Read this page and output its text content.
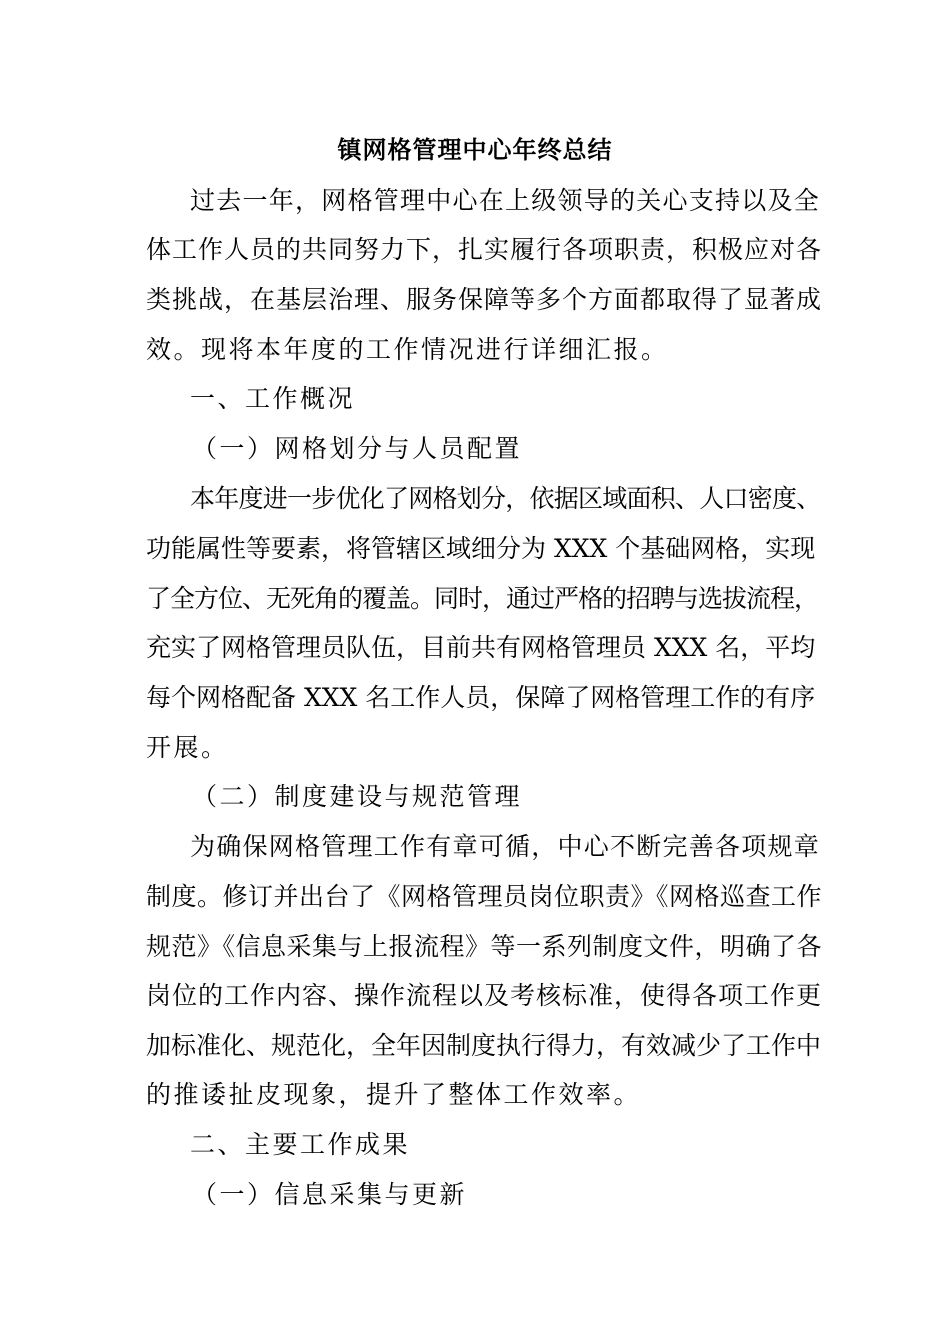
镇网格管理中心年终总结

过去一年，网格管理中心在上级领导的关心支持以及全

体工作人员的共同努力下，扎实履行各项职责，积极应对各

类挑战，在基层治理、服务保障等多个方面都取得了显著成

效。现将本年度的工作情况进行详细汇报。

一、工作概况

（一）网格划分与人员配置

本年度进一步优化了网格划分，依据区域面积、人口密度、

功能属性等要素，将管辖区域细分为 XXX 个基础网格，实现

了全方位、无死角的覆盖。同时，通过严格的招聘与选拔流程，

充实了网格管理员队伍，目前共有网格管理员 XXX 名，平均

每个网格配备 XXX 名工作人员，保障了网格管理工作的有序

开展。

（二）制度建设与规范管理

为确保网格管理工作有章可循，中心不断完善各项规章

制度。修订并出台了《网格管理员岗位职责》《网格巡查工作

规范》《信息采集与上报流程》等一系列制度文件，明确了各

岗位的工作内容、操作流程以及考核标准，使得各项工作更

加标准化、规范化，全年因制度执行得力，有效减少了工作中

的推诿扯皮现象，提升了整体工作效率。

二、主要工作成果

（一）信息采集与更新
